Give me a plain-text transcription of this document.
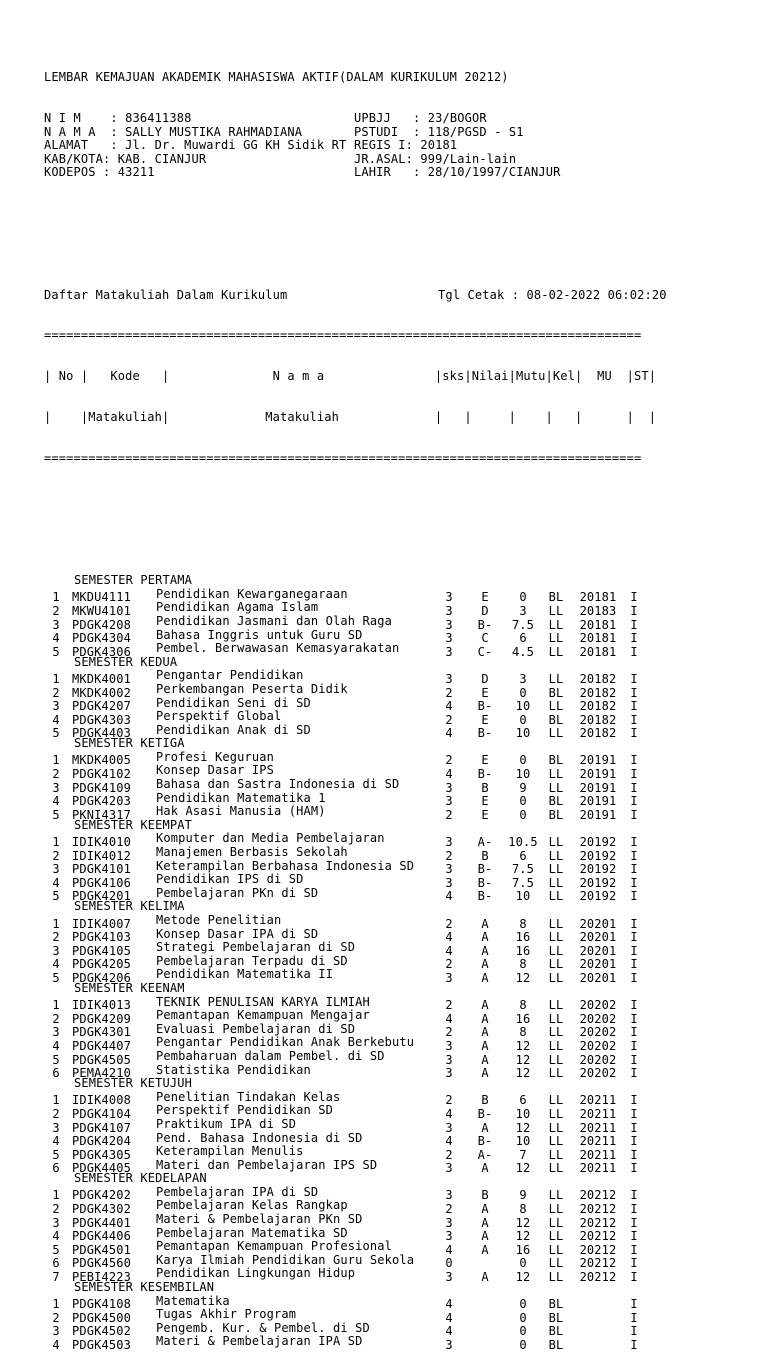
LEMBAR KEMAJUAN AKADEMIK MAHASISWA AKTIF(DALAM KURIKULUM 20212)

N I M    : 836411388	UPBJJ   : 23/BOGOR
N A M A  : SALLY MUSTIKA RAHMADIANA	PSTUDI  : 118/PGSD - S1
ALAMAT   : Jl. Dr. Muwardi GG KH Sidik RT REGIS I: 20181
KAB/KOTA: KAB. CIANJUR	JR.ASAL: 999/Lain-lain
KODEPOS : 43211	LAHIR   : 28/10/1997/CIANJUR

Daftar Matakuliah Dalam Kurikulum	Tgl Cetak : 08-02-2022 06:02:20

=================================================================================

| No |   Kode   |              N a m a               |sks|Nilai|Mutu|Kel|  MU  |ST|

|    |Matakuliah|             Matakuliah             |   |     |    |   |      |  |

=================================================================================

SEMESTER PERTAMA
1 MKDU4111 Pendidikan Kewarganegaraan	3 E	0 BL 20181 I
2 MKWU4101 Pendidikan Agama Islam	3 D	3 LL 20183 I
3 PDGK4208 Pendidikan Jasmani dan Olah Raga	3 B- 7.5 LL 20181 I
4 PDGK4304 Bahasa Inggris untuk Guru SD	3 C	6 LL 20181 I
5 PDGK4306 Pembel. Berwawasan Kemasyarakatan	3 C- 4.5 LL 20181 I
SEMESTER KEDUA
1 MKDK4001 Pengantar Pendidikan	3 D	3 LL 20182 I
2 MKDK4002 Perkembangan Peserta Didik	2 E	0 BL 20182 I
3 PDGK4207 Pendidikan Seni di SD	4 B- 10 LL 20182 I
4 PDGK4303 Perspektif Global	2 E	0 BL 20182 I
5 PDGK4403 Pendidikan Anak di SD	4 B- 10 LL 20182 I
SEMESTER KETIGA
1 MKDK4005 Profesi Keguruan	2 E	0 BL 20191 I
2 PDGK4102 Konsep Dasar IPS	4 B- 10 LL 20191 I
3 PDGK4109 Bahasa dan Sastra Indonesia di SD	3 B	9 LL 20191 I
4 PDGK4203 Pendidikan Matematika 1	3 E	0 BL 20191 I
5 PKNI4317 Hak Asasi Manusia (HAM)	2 E	0 BL 20191 I
SEMESTER KEEMPAT
1 IDIK4010 Komputer dan Media Pembelajaran	3 A- 10.5 LL 20192 I
2 IDIK4012 Manajemen Berbasis Sekolah	2 B	6 LL 20192 I
3 PDGK4101 Keterampilan Berbahasa Indonesia SD	3 B- 7.5 LL 20192 I
4 PDGK4106 Pendidikan IPS di SD	3 B- 7.5 LL 20192 I
5 PDGK4201 Pembelajaran PKn di SD	4 B- 10 LL 20192 I
SEMESTER KELIMA
1 IDIK4007 Metode Penelitian	2 A	8 LL 20201 I
2 PDGK4103 Konsep Dasar IPA di SD	4 A 16 LL 20201 I
3 PDGK4105 Strategi Pembelajaran di SD	4 A 16 LL 20201 I
4 PDGK4205 Pembelajaran Terpadu di SD	2 A	8 LL 20201 I
5 PDGK4206 Pendidikan Matematika II	3 A 12 LL 20201 I
SEMESTER KEENAM
1 IDIK4013 TEKNIK PENULISAN KARYA ILMIAH	2 A	8 LL 20202 I
2 PDGK4209 Pemantapan Kemampuan Mengajar	4 A 16 LL 20202 I
3 PDGK4301 Evaluasi Pembelajaran di SD	2 A	8 LL 20202 I
4 PDGK4407 Pengantar Pendidikan Anak Berkebutu	3 A 12 LL 20202 I
5 PDGK4505 Pembaharuan dalam Pembel. di SD	3 A 12 LL 20202 I
6 PEMA4210 Statistika Pendidikan	3 A 12 LL 20202 I
SEMESTER KETUJUH
1 IDIK4008 Penelitian Tindakan Kelas	2 B	6 LL 20211 I
2 PDGK4104 Perspektif Pendidikan SD	4 B- 10 LL 20211 I
3 PDGK4107 Praktikum IPA di SD	3 A 12 LL 20211 I
4 PDGK4204 Pend. Bahasa Indonesia di SD	4 B- 10 LL 20211 I
5 PDGK4305 Keterampilan Menulis	2 A- 7 LL 20211 I
6 PDGK4405 Materi dan Pembelajaran IPS SD	3 A 12 LL 20211 I
SEMESTER KEDELAPAN
1 PDGK4202 Pembelajaran IPA di SD	3 B	9 LL 20212 I
2 PDGK4302 Pembelajaran Kelas Rangkap	2 A	8 LL 20212 I
3 PDGK4401 Materi & Pembelajaran PKn SD	3 A 12 LL 20212 I
4 PDGK4406 Pembelajaran Matematika SD	3 A 12 LL 20212 I
5 PDGK4501 Pemantapan Kemampuan Profesional	4 A 16 LL 20212 I
6 PDGK4560 Karya Ilmiah Pendidikan Guru Sekola	0	0 LL 20212 I
7 PEBI4223 Pendidikan Lingkungan Hidup	3 A 12 LL 20212 I
SEMESTER KESEMBILAN
1 PDGK4108 Matematika	4	0 BL	I
2 PDGK4500 Tugas Akhir Program	4	0 BL	I
3 PDGK4502 Pengemb. Kur. & Pembel. di SD	4	0 BL	I
4 PDGK4503 Materi & Pembelajaran IPA SD	3	0 BL	I
